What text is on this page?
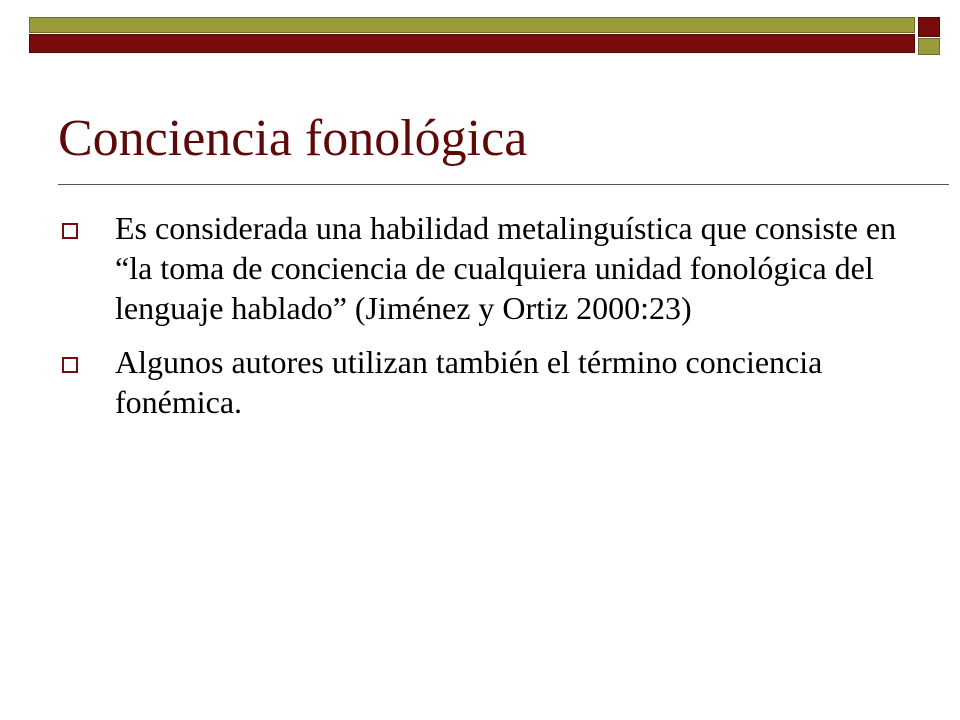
Conciencia fonológica
Es considerada una habilidad metalinguística que consiste en “la toma de conciencia de cualquiera unidad fonológica del lenguaje hablado” (Jiménez y Ortiz 2000:23)
Algunos autores utilizan también el término conciencia fonémica.
